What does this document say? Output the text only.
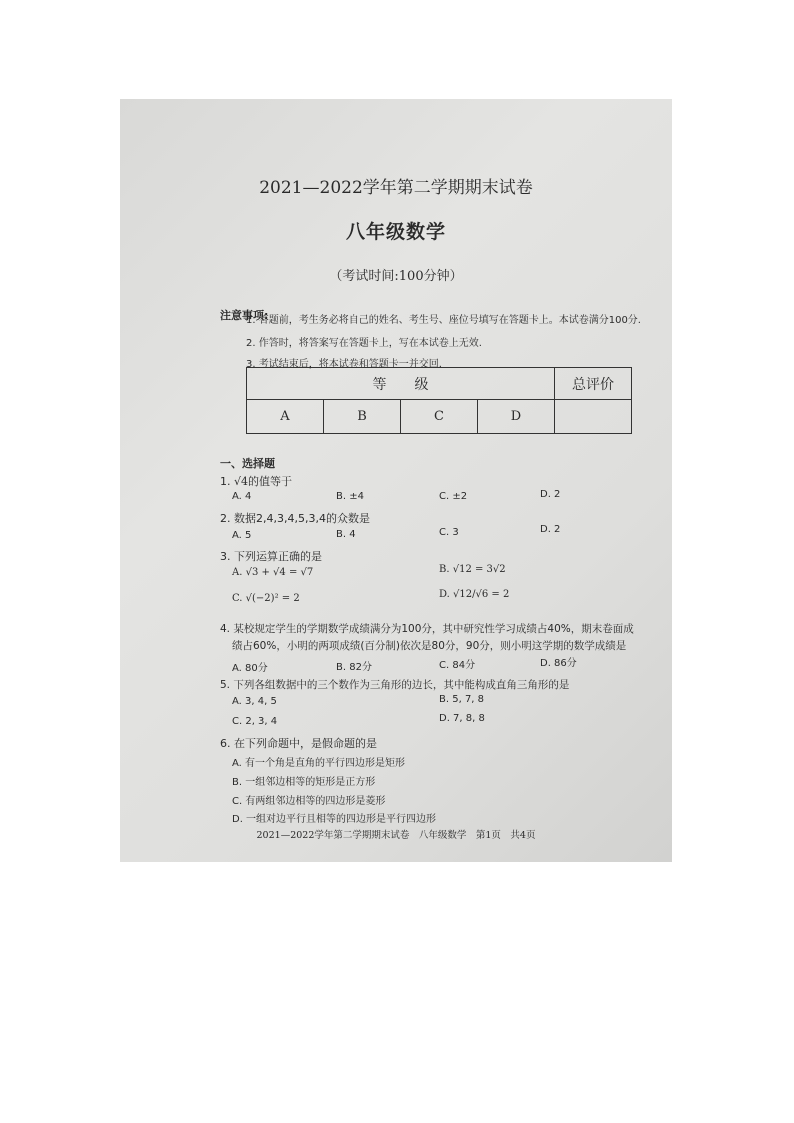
2021—2022学年第二学期期末试卷
八年级数学
（考试时间:100分钟）
注意事项:
1. 答题前，考生务必将自己的姓名、考生号、座位号填写在答题卡上。本试卷满分100分.
2. 作答时，将答案写在答题卡上，写在本试卷上无效.
3. 考试结束后，将本试卷和答题卡一并交回.
等　　级				总评价
A	B	C	D	
一、选择题
1. √4的值等于
A. 4	B. ±4	C. ±2	D. 2
2. 数据2,4,3,4,5,3,4的众数是
A. 5	B. 4	C. 3	D. 2
3. 下列运算正确的是
A. √3 + √4 = √7	B. √12 = 3√2
C. √(−2)² = 2	D. √12/√6 = 2
4. 某校规定学生的学期数学成绩满分为100分，其中研究性学习成绩占40%，期末卷面成
绩占60%，小明的两项成绩(百分制)依次是80分，90分，则小明这学期的数学成绩是
A. 80分	B. 82分	C. 84分	D. 86分
5. 下列各组数据中的三个数作为三角形的边长，其中能构成直角三角形的是
A. 3, 4, 5	B. 5, 7, 8
C. 2, 3, 4	D. 7, 8, 8
6. 在下列命题中，是假命题的是
A. 有一个角是直角的平行四边形是矩形
B. 一组邻边相等的矩形是正方形
C. 有两组邻边相等的四边形是菱形
D. 一组对边平行且相等的四边形是平行四边形
2021—2022学年第二学期期末试卷　八年级数学　第1页　共4页
